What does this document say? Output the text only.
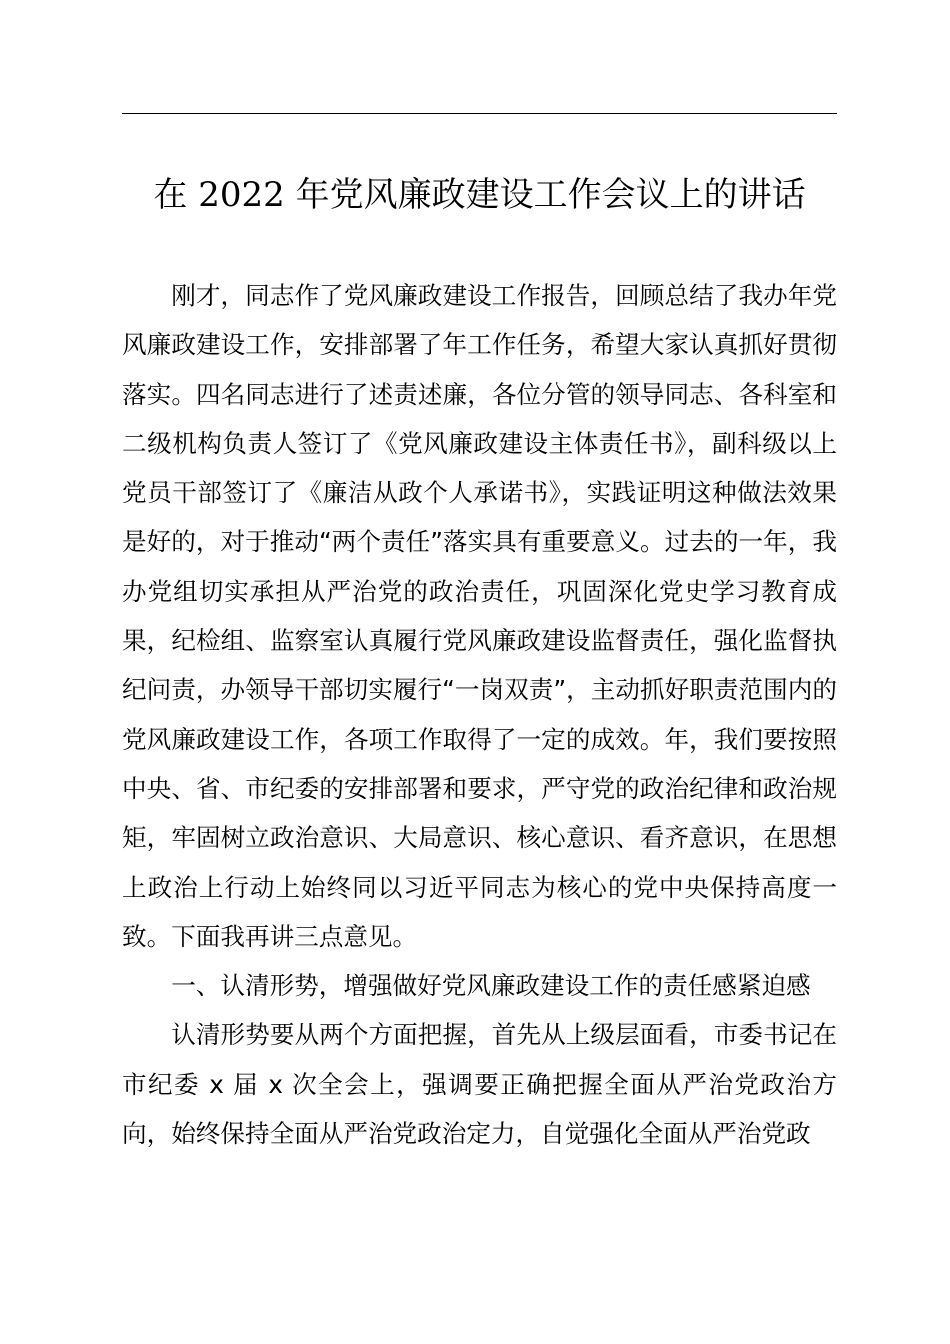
在 2022 年党风廉政建设工作会议上的讲话

刚才，同志作了党风廉政建设工作报告，回顾总结了我办年党风廉政建设工作，安排部署了年工作任务，希望大家认真抓好贯彻落实。四名同志进行了述责述廉，各位分管的领导同志、各科室和二级机构负责人签订了《党风廉政建设主体责任书》，副科级以上党员干部签订了《廉洁从政个人承诺书》，实践证明这种做法效果是好的，对于推动“两个责任”落实具有重要意义。过去的一年，我办党组切实承担从严治党的政治责任，巩固深化党史学习教育成果，纪检组、监察室认真履行党风廉政建设监督责任，强化监督执纪问责，办领导干部切实履行“一岗双责”，主动抓好职责范围内的党风廉政建设工作，各项工作取得了一定的成效。年，我们要按照中央、省、市纪委的安排部署和要求，严守党的政治纪律和政治规矩，牢固树立政治意识、大局意识、核心意识、看齐意识，在思想上政治上行动上始终同以习近平同志为核心的党中央保持高度一致。下面我再讲三点意见。

一、认清形势，增强做好党风廉政建设工作的责任感紧迫感

认清形势要从两个方面把握，首先从上级层面看，市委书记在市纪委 x 届 x 次全会上，强调要正确把握全面从严治党政治方向，始终保持全面从严治党政治定力，自觉强化全面从严治党政
